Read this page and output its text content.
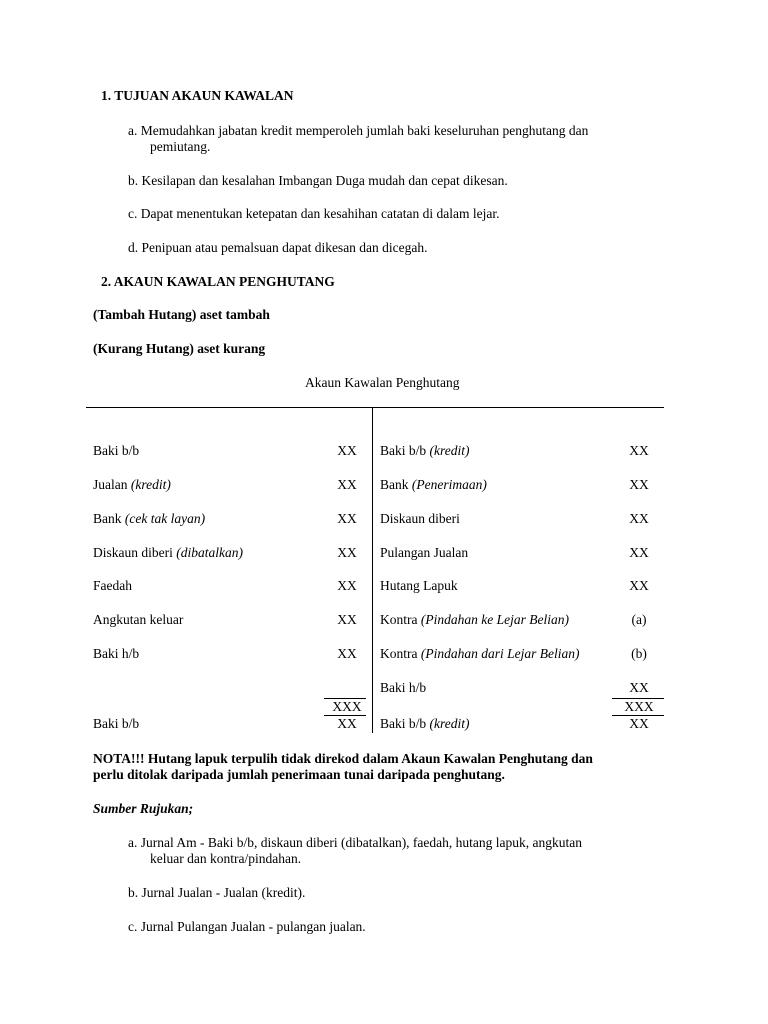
1. TUJUAN AKAUN KAWALAN
a. Memudahkan jabatan kredit memperoleh jumlah baki keseluruhan penghutang dan
pemiutang.
b. Kesilapan dan kesalahan Imbangan Duga mudah dan cepat dikesan.
c. Dapat menentukan ketepatan dan kesahihan catatan di dalam lejar.
d. Penipuan atau pemalsuan dapat dikesan dan dicegah.
2. AKAUN KAWALAN PENGHUTANG
(Tambah Hutang) aset tambah
(Kurang Hutang) aset kurang
Akaun Kawalan Penghutang
Baki b/b
Jualan (kredit)
Bank (cek tak layan)
Diskaun diberi (dibatalkan)
Faedah
Angkutan keluar
Baki h/b
XX
XX
XX
XX
XX
XX
XX
XXX
Baki b/b	XX
Baki b/b (kredit)
Bank (Penerimaan)
Diskaun diberi
Pulangan Jualan
Hutang Lapuk
Kontra (Pindahan ke Lejar Belian)
Kontra (Pindahan dari Lejar Belian)
Baki h/b
XX
XX
XX
XX
XX
(a)
(b)
XX
XXX
Baki b/b (kredit)	XX
NOTA!!! Hutang lapuk terpulih tidak direkod dalam Akaun Kawalan Penghutang dan
perlu ditolak daripada jumlah penerimaan tunai daripada penghutang.
Sumber Rujukan;
a. Jurnal Am - Baki b/b, diskaun diberi (dibatalkan), faedah, hutang lapuk, angkutan
keluar dan kontra/pindahan.
b. Jurnal Jualan - Jualan (kredit).
c. Jurnal Pulangan Jualan - pulangan jualan.
